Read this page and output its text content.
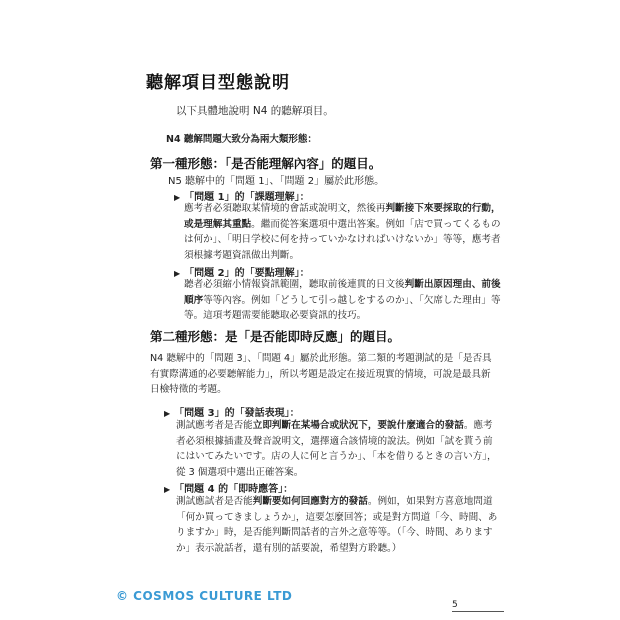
聽解項目型態說明
以下具體地說明 N4 的聽解項目。
N4 聽解問題大致分為兩大類形態：
第一種形態：「是否能理解內容」的題目。
N5 聽解中的「問題 1」、「問題 2」屬於此形態。
▶ 「問題 1」的「課題理解」：
應考者必須聽取某情境的會話或說明文，然後再判斷接下來要採取的行動，或是理解其重點。繼而從答案選項中選出答案。例如「店で買ってくるものは何か」、「明日学校に何を持っていかなければいけないか」等等，應考者須根據考題資訊做出判斷。
▶ 「問題 2」的「要點理解」：
聽者必須縮小情報資訊範圍，聽取前後連貫的日文後判斷出原因理由、前後順序等等內容。例如「どうして引っ越しをするのか」、「欠席した理由」等等。這項考題需要能聽取必要資訊的技巧。
第二種形態：是「是否能即時反應」的題目。
N4 聽解中的「問題 3」、「問題 4」屬於此形態。第二類的考題測試的是「是否具有實際溝通的必要聽解能力」，所以考題是設定在接近現實的情境，可說是最具新日檢特徵的考題。
▶ 「問題 3」的「發話表現」：
測試應考者是否能立即判斷在某場合或狀況下，要說什麼適合的發話。應考者必須根據插畫及聲音說明文，選擇適合該情境的說法。例如「試を貰う前にはいてみたいです。店の人に何と言うか」、「本を借りるときの言い方」，從 3 個選項中選出正確答案。
▶ 「問題 4 的「即時應答」：
測試應試者是否能判斷要如何回應對方的發話。例如，如果對方喜意地問道「何か買ってきましょうか」，這要怎麼回答；或是對方問道「今、時間、ありますか」時，是否能判斷問話者的言外之意等等。（「今、時間、ありますか」表示說話者，還有別的話要說，希望對方聆聽。）
© COSMOS CULTURE LTD
5
